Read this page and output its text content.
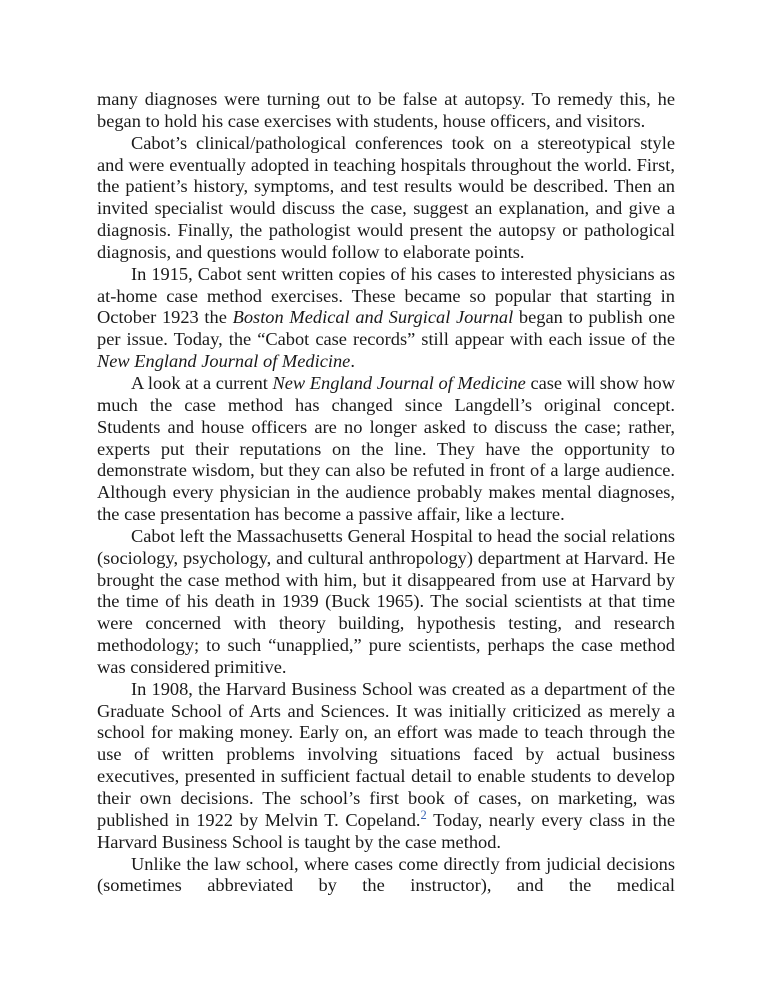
many diagnoses were turning out to be false at autopsy. To remedy this, he began to hold his case exercises with students, house officers, and visitors.

Cabot’s clinical/pathological conferences took on a stereotypical style and were eventually adopted in teaching hospitals throughout the world. First, the patient’s history, symptoms, and test results would be described. Then an invited specialist would discuss the case, suggest an explanation, and give a diagnosis. Finally, the pathologist would present the autopsy or pathological diagnosis, and questions would follow to elaborate points.

In 1915, Cabot sent written copies of his cases to interested physicians as at-home case method exercises. These became so popular that starting in October 1923 the Boston Medical and Surgical Journal began to publish one per issue. Today, the “Cabot case records” still appear with each issue of the New England Journal of Medicine.

A look at a current New England Journal of Medicine case will show how much the case method has changed since Langdell’s original concept. Students and house officers are no longer asked to discuss the case; rather, experts put their reputations on the line. They have the opportunity to demonstrate wisdom, but they can also be refuted in front of a large audience. Although every physician in the audience probably makes mental diagnoses, the case presentation has become a passive affair, like a lecture.

Cabot left the Massachusetts General Hospital to head the social relations (sociology, psychology, and cultural anthropology) department at Harvard. He brought the case method with him, but it disappeared from use at Harvard by the time of his death in 1939 (Buck 1965). The social scientists at that time were concerned with theory building, hypothesis testing, and research methodology; to such “unapplied,” pure scientists, perhaps the case method was considered primitive.

In 1908, the Harvard Business School was created as a department of the Graduate School of Arts and Sciences. It was initially criticized as merely a school for making money. Early on, an effort was made to teach through the use of written problems involving situations faced by actual business executives, presented in sufficient factual detail to enable students to develop their own decisions. The school’s first book of cases, on marketing, was published in 1922 by Melvin T. Copeland.$^2$ Today, nearly every class in the Harvard Business School is taught by the case method.

Unlike the law school, where cases come directly from judicial decisions (sometimes abbreviated by the instructor), and the medical
